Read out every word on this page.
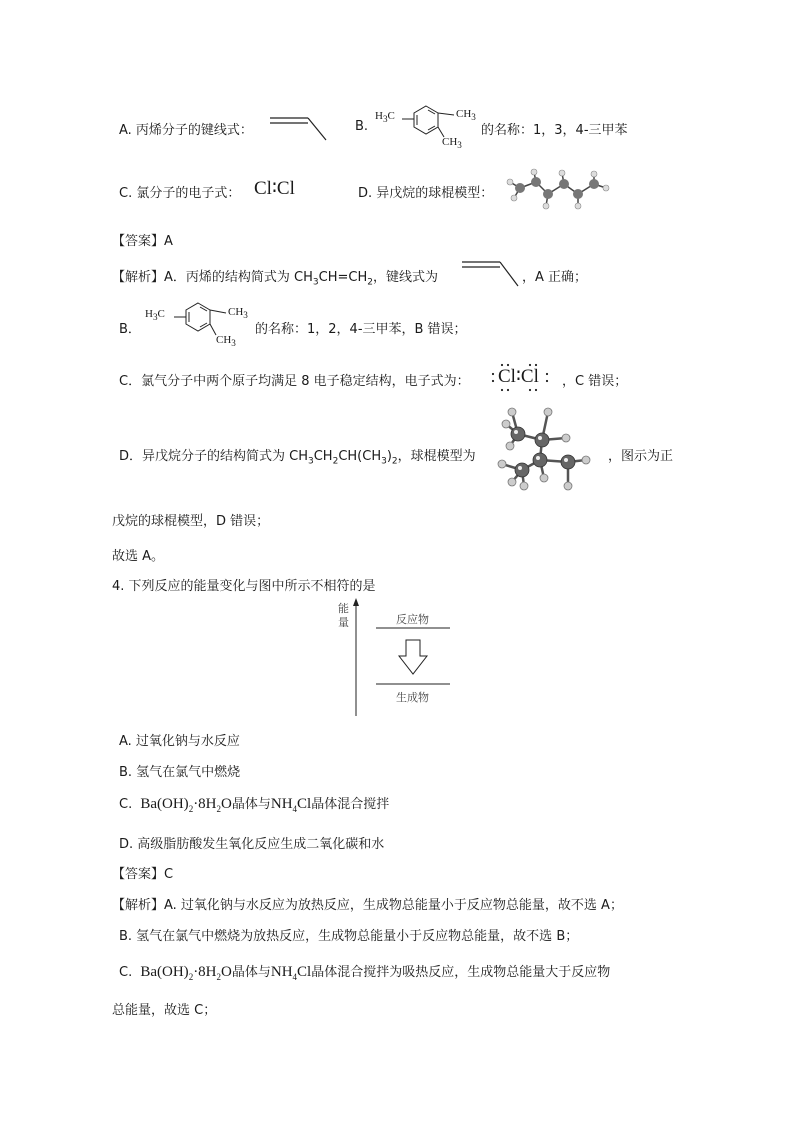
A. 丙烯分子的键线式：	B.
$H_3C$	$CH_3$
$CH_3$
的名称：1，3，4-三甲苯
C. 氯分子的电子式： Cl∶Cl	D. 异戊烷的球棍模型：
【答案】A
【解析】A．丙烯的结构简式为 $CH_3CH=CH_2$，键线式为	，A 正确；
B．
$H_3C$	$CH_3$
$CH_3$
的名称：1，2，4-三甲苯，B 错误；
C．氯气分子中两个原子均满足 8 电子稳定结构，电子式为： Cl∶Cl ，C 错误；
D．异戊烷分子的结构简式为 $CH_3CH_2CH(CH_3)_2$，球棍模型为	，图示为正
戊烷的球棍模型，D 错误；
故选 A。
4. 下列反应的能量变化与图中所示不相符的是
能
量	反应物
生成物
A. 过氧化钠与水反应
B. 氢气在氯气中燃烧
C. $Ba(OH)_2\cdot 8H_2O$晶体与$NH_4Cl$晶体混合搅拌
D. 高级脂肪酸发生氧化反应生成二氧化碳和水
【答案】C
【解析】A. 过氧化钠与水反应为放热反应，生成物总能量小于反应物总能量，故不选 A；
B. 氢气在氯气中燃烧为放热反应，生成物总能量小于反应物总能量，故不选 B；
C. $Ba(OH)_2\cdot 8H_2O$晶体与$NH_4Cl$晶体混合搅拌为吸热反应，生成物总能量大于反应物
总能量，故选 C；
